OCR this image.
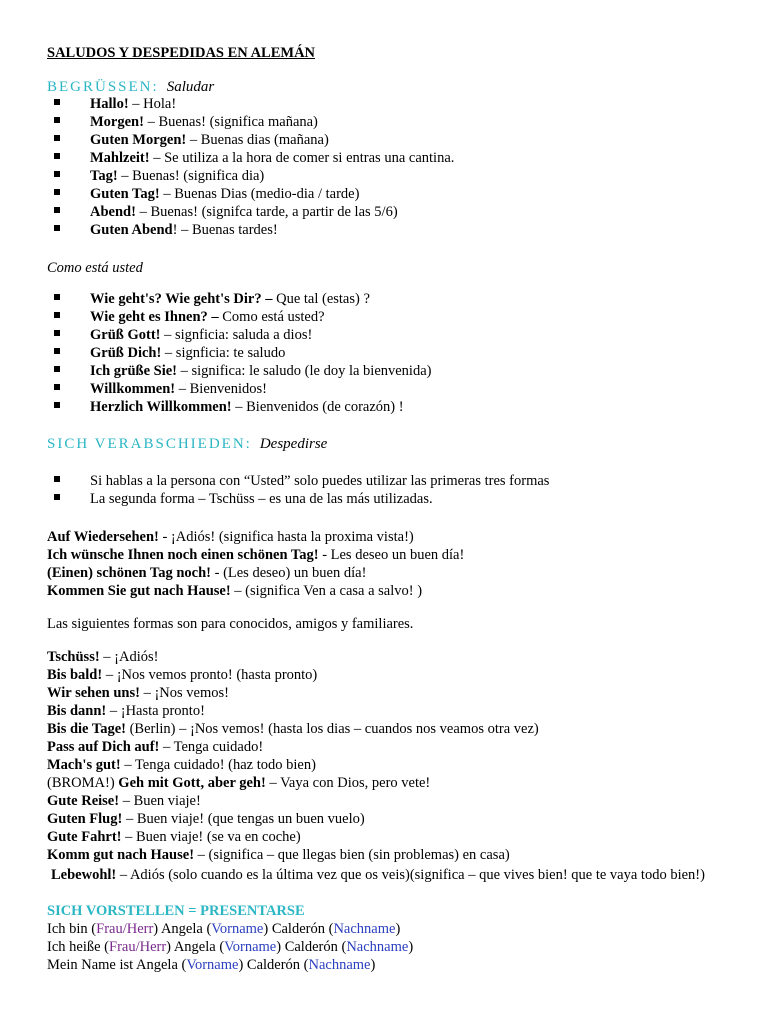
SALUDOS Y DESPEDIDAS EN ALEMÁN
BEGRÜSSEN: Saludar
Hallo! – Hola!
Morgen! – Buenas! (significa mañana)
Guten Morgen! – Buenas dias (mañana)
Mahlzeit! – Se utiliza a la hora de comer si entras una cantina.
Tag! – Buenas! (significa dia)
Guten Tag! – Buenas Dias (medio-dia / tarde)
Abend! – Buenas! (signifca tarde, a partir de las 5/6)
Guten Abend! – Buenas tardes!
Como está usted
Wie geht's? Wie geht's Dir? – Que tal (estas) ?
Wie geht es Ihnen? – Como está usted?
Grüß Gott! – signficia: saluda a dios!
Grüß Dich! – signficia: te saludo
Ich grüße Sie! – significa: le saludo (le doy la bienvenida)
Willkommen! – Bienvenidos!
Herzlich Willkommen! – Bienvenidos (de corazón) !
SICH VERABSCHIEDEN: Despedirse
Si hablas a la persona con “Usted” solo puedes utilizar las primeras tres formas
La segunda forma – Tschüss – es una de las más utilizadas.
Auf Wiedersehen! - ¡Adiós! (significa hasta la proxima vista!)
Ich wünsche Ihnen noch einen schönen Tag! - Les deseo un buen día!
(Einen) schönen Tag noch! - (Les deseo) un buen día!
Kommen Sie gut nach Hause! – (significa Ven a casa a salvo! )
Las siguientes formas son para conocidos, amigos y familiares.
Tschüss! – ¡Adiós!
Bis bald! – ¡Nos vemos pronto! (hasta pronto)
Wir sehen uns! – ¡Nos vemos!
Bis dann! – ¡Hasta pronto!
Bis die Tage! (Berlin) – ¡Nos vemos! (hasta los dias – cuandos nos veamos otra vez)
Pass auf Dich auf! – Tenga cuidado!
Mach's gut! – Tenga cuidado! (haz todo bien)
(BROMA!) Geh mit Gott, aber geh! – Vaya con Dios, pero vete!
Gute Reise! – Buen viaje!
Guten Flug! – Buen viaje! (que tengas un buen vuelo)
Gute Fahrt! – Buen viaje! (se va en coche)
Komm gut nach Hause! – (significa – que llegas bien (sin problemas) en casa)
Lebewohl! – Adiós (solo cuando es la última vez que os veis)(significa – que vives bien! que te vaya todo bien!)
SICH VORSTELLEN = PRESENTARSE
Ich bin (Frau/Herr) Angela (Vorname) Calderón (Nachname)
Ich heiße (Frau/Herr) Angela (Vorname) Calderón (Nachname)
Mein Name ist Angela (Vorname) Calderón (Nachname)
